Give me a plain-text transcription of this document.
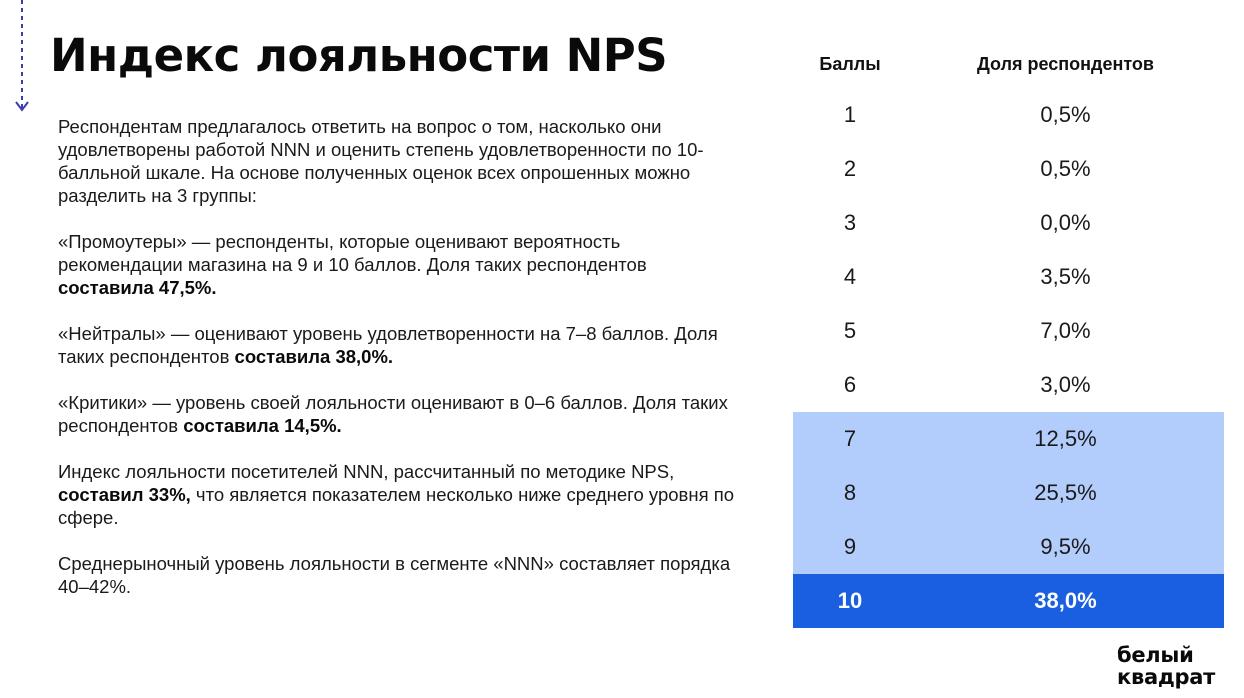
Индекс лояльности NPS

Респондентам предлагалось ответить на вопрос о том, насколько они удовлетворены работой NNN и оценить степень удовлетворенности по 10-балльной шкале. На основе полученных оценок всех опрошенных можно разделить на 3 группы:

«Промоутеры» — респонденты, которые оценивают вероятность рекомендации магазина на 9 и 10 баллов. Доля таких респондентов составила 47,5%.

«Нейтралы» — оценивают уровень удовлетворенности на 7–8 баллов. Доля таких респондентов составила 38,0%.

«Критики» — уровень своей лояльности оценивают в 0–6 баллов. Доля таких респондентов составила 14,5%.

Индекс лояльности посетителей NNN, рассчитанный по методике NPS, составил 33%, что является показателем несколько ниже среднего уровня по сфере.

Среднерыночный уровень лояльности в сегменте «NNN» составляет порядка 40–42%.

Баллы	Доля респондентов
1	0,5%
2	0,5%
3	0,0%
4	3,5%
5	7,0%
6	3,0%
7	12,5%
8	25,5%
9	9,5%
10	38,0%
белый
квадрат
